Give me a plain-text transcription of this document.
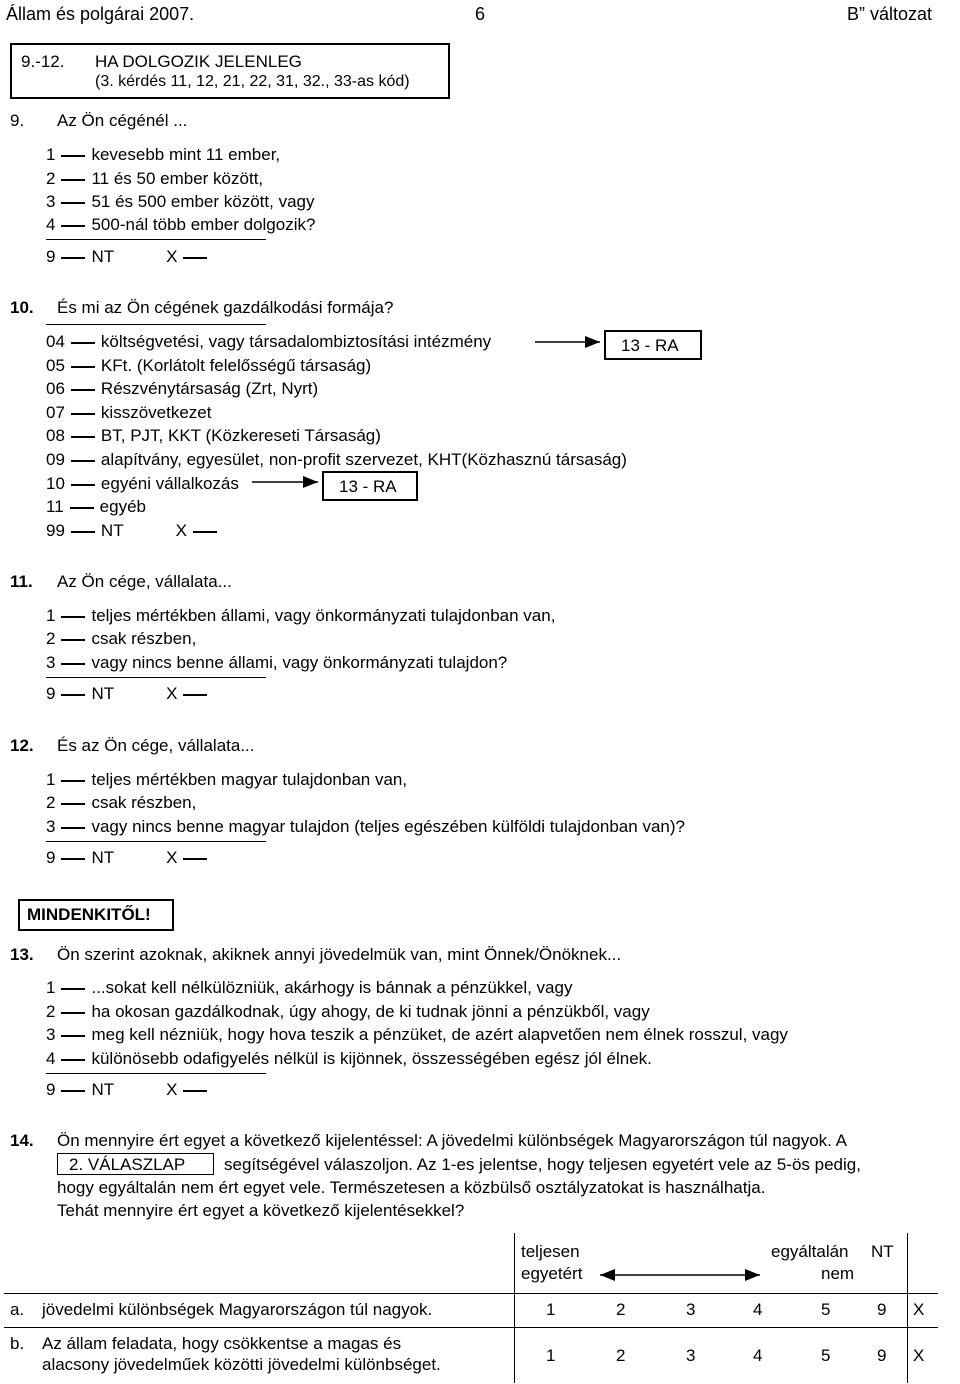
Állam és polgárai 2007.	6	B” változat
9.-12. HA DOLGOZIK JELENLEG
(3. kérdés 11, 12, 21, 22, 31, 32., 33-as kód)
9. Az Ön cégénél ...
1 kevesebb mint 11 ember,
2 11 és 50 ember között,
3 51 és 500 ember között, vagy
4 500-nál több ember dolgozik?
9 NT	X
10. És mi az Ön cégének gazdálkodási formája?
04 költségvetési, vagy társadalombiztosítási intézmény
05 KFt. (Korlátolt felelősségű társaság)
06 Részvénytársaság (Zrt, Nyrt)
07 kisszövetkezet
08 BT, PJT, KKT (Közkereseti Társaság)
09 alapítvány, egyesület, non-profit szervezet, KHT(Közhasznú társaság)
10 egyéni vállalkozás
11 egyéb
99 NT	X
13 - RA
13 - RA
11. Az Ön cége, vállalata...
1 teljes mértékben állami, vagy önkormányzati tulajdonban van,
2 csak részben,
3 vagy nincs benne állami, vagy önkormányzati tulajdon?
9 NT	X
12. És az Ön cége, vállalata...
1 teljes mértékben magyar tulajdonban van,
2 csak részben,
3 vagy nincs benne magyar tulajdon (teljes egészében külföldi tulajdonban van)?
9 NT	X
MINDENKITŐL!
13. Ön szerint azoknak, akiknek annyi jövedelmük van, mint Önnek/Önöknek...
1 ...sokat kell nélkülözniük, akárhogy is bánnak a pénzükkel, vagy
2 ha okosan gazdálkodnak, úgy ahogy, de ki tudnak jönni a pénzükből, vagy
3 meg kell nézniük, hogy hova teszik a pénzüket, de azért alapvetően nem élnek rosszul, vagy
4 különösebb odafigyelés nélkül is kijönnek, összességében egész jól élnek.
9 NT	X
14. Ön mennyire ért egyet a következő kijelentéssel: A jövedelmi különbségek Magyarországon túl nagyok. A
2. VÁLASZLAP segítségével válaszoljon. Az 1-es jelentse, hogy teljesen egyetért vele az 5-ös pedig,
hogy egyáltalán nem ért egyet vele. Természetesen a közbülső osztályzatokat is használhatja.
Tehát mennyire ért egyet a következő kijelentésekkel?
teljesen
egyetért
egyáltalán
nem
NT
a. jövedelmi különbségek Magyarországon túl nagyok.	1	2	3	4	5	9 X
b. Az állam feladata, hogy csökkentse a magas és
alacsony jövedelműek közötti jövedelmi különbséget.	1	2	3	4	5	9 X
